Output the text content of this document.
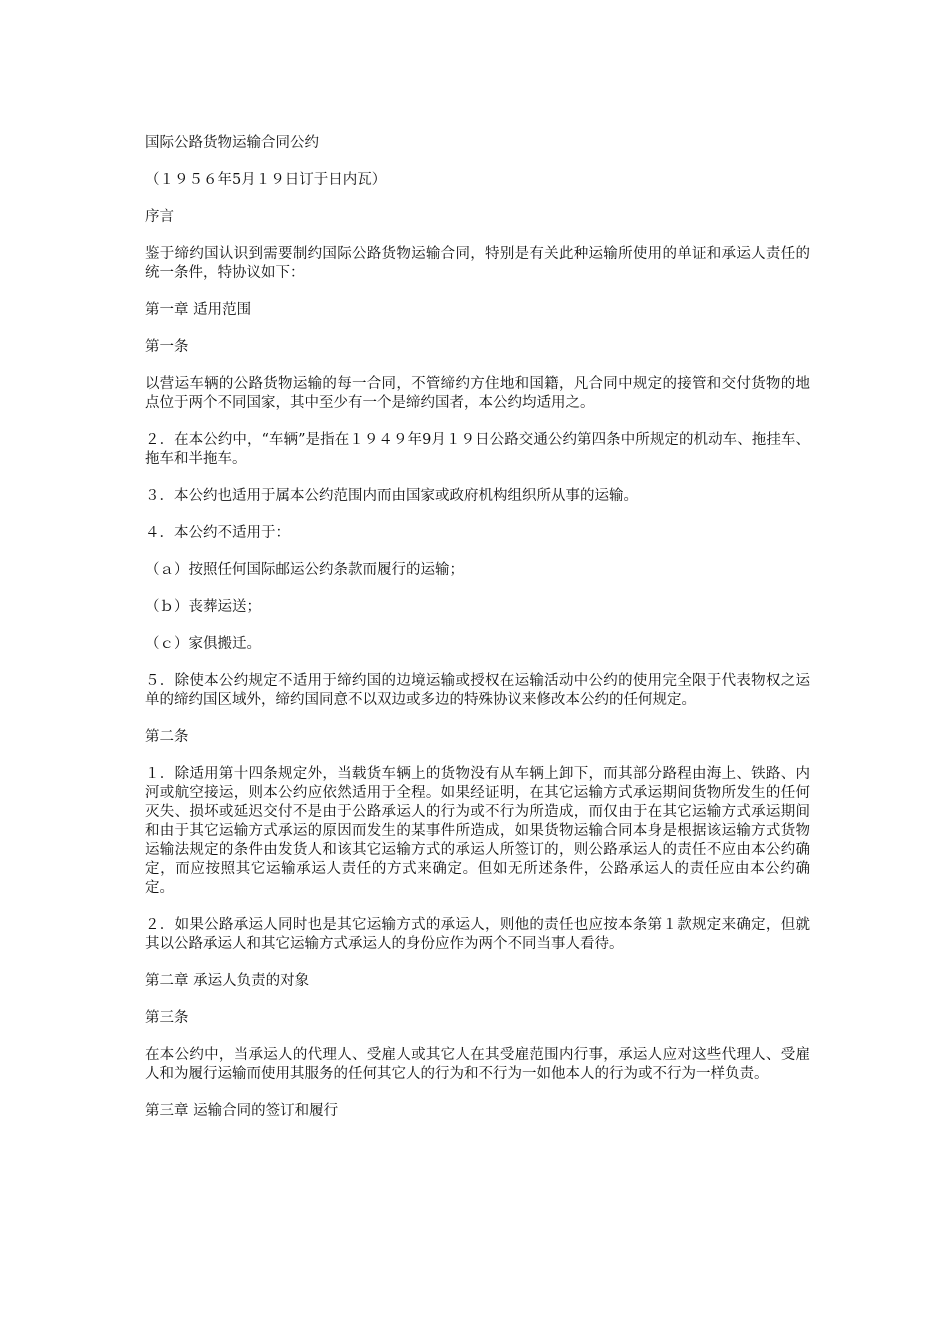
国际公路货物运输合同公约

（１９５６年5月１９日订于日内瓦）

序言

鉴于缔约国认识到需要制约国际公路货物运输合同，特别是有关此种运输所使用的单证和承运人责任的统一条件，特协议如下：

第一章 适用范围

第一条

以营运车辆的公路货物运输的每一合同，不管缔约方住地和国籍，凡合同中规定的接管和交付货物的地点位于两个不同国家，其中至少有一个是缔约国者，本公约均适用之。

２．在本公约中，“车辆”是指在１９４９年9月１９日公路交通公约第四条中所规定的机动车、拖挂车、拖车和半拖车。

３．本公约也适用于属本公约范围内而由国家或政府机构组织所从事的运输。

４．本公约不适用于：

（ａ）按照任何国际邮运公约条款而履行的运输；

（ｂ）丧葬运送；

（ｃ）家俱搬迁。

５．除使本公约规定不适用于缔约国的边境运输或授权在运输活动中公约的使用完全限于代表物权之运单的缔约国区域外，缔约国同意不以双边或多边的特殊协议来修改本公约的任何规定。

第二条

１．除适用第十四条规定外，当载货车辆上的货物没有从车辆上卸下，而其部分路程由海上、铁路、内河或航空接运，则本公约应依然适用于全程。如果经证明，在其它运输方式承运期间货物所发生的任何灭失、损坏或延迟交付不是由于公路承运人的行为或不行为所造成，而仅由于在其它运输方式承运期间和由于其它运输方式承运的原因而发生的某事件所造成，如果货物运输合同本身是根据该运输方式货物运输法规定的条件由发货人和该其它运输方式的承运人所签订的，则公路承运人的责任不应由本公约确定，而应按照其它运输承运人责任的方式来确定。但如无所述条件，公路承运人的责任应由本公约确定。

２．如果公路承运人同时也是其它运输方式的承运人，则他的责任也应按本条第１款规定来确定，但就其以公路承运人和其它运输方式承运人的身份应作为两个不同当事人看待。

第二章 承运人负责的对象

第三条

在本公约中，当承运人的代理人、受雇人或其它人在其受雇范围内行事，承运人应对这些代理人、受雇人和为履行运输而使用其服务的任何其它人的行为和不行为一如他本人的行为或不行为一样负责。

第三章 运输合同的签订和履行
